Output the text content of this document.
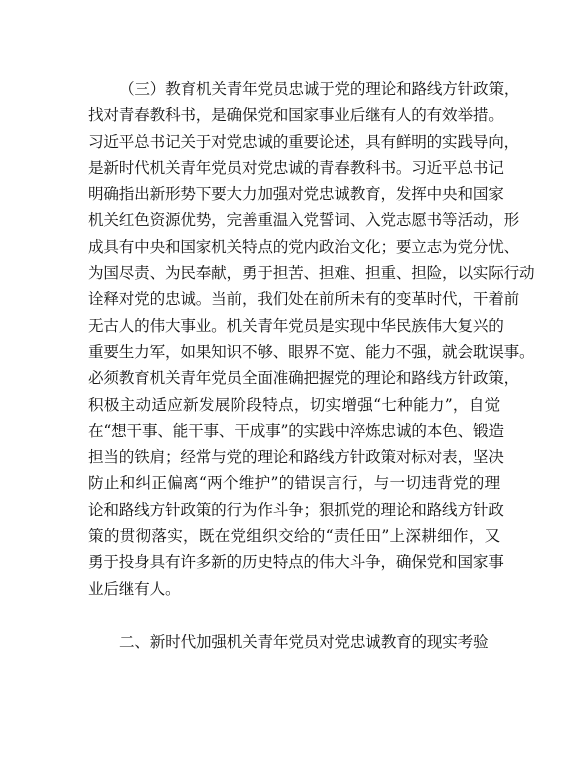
（三）教育机关青年党员忠诚于党的理论和路线方针政策，
找对青春教科书，是确保党和国家事业后继有人的有效举措。
习近平总书记关于对党忠诚的重要论述，具有鲜明的实践导向，
是新时代机关青年党员对党忠诚的青春教科书。习近平总书记
明确指出新形势下要大力加强对党忠诚教育，发挥中央和国家
机关红色资源优势，完善重温入党誓词、入党志愿书等活动，形
成具有中央和国家机关特点的党内政治文化；要立志为党分忧、
为国尽责、为民奉献，勇于担苦、担难、担重、担险，以实际行动
诠释对党的忠诚。当前，我们处在前所未有的变革时代，干着前
无古人的伟大事业。机关青年党员是实现中华民族伟大复兴的
重要生力军，如果知识不够、眼界不宽、能力不强，就会耽误事。
必须教育机关青年党员全面准确把握党的理论和路线方针政策，
积极主动适应新发展阶段特点，切实增强“七种能力”，自觉
在“想干事、能干事、干成事”的实践中淬炼忠诚的本色、锻造
担当的铁肩；经常与党的理论和路线方针政策对标对表，坚决
防止和纠正偏离“两个维护”的错误言行，与一切违背党的理
论和路线方针政策的行为作斗争；狠抓党的理论和路线方针政
策的贯彻落实，既在党组织交给的“责任田”上深耕细作，又
勇于投身具有许多新的历史特点的伟大斗争，确保党和国家事
业后继有人。
二、新时代加强机关青年党员对党忠诚教育的现实考验
